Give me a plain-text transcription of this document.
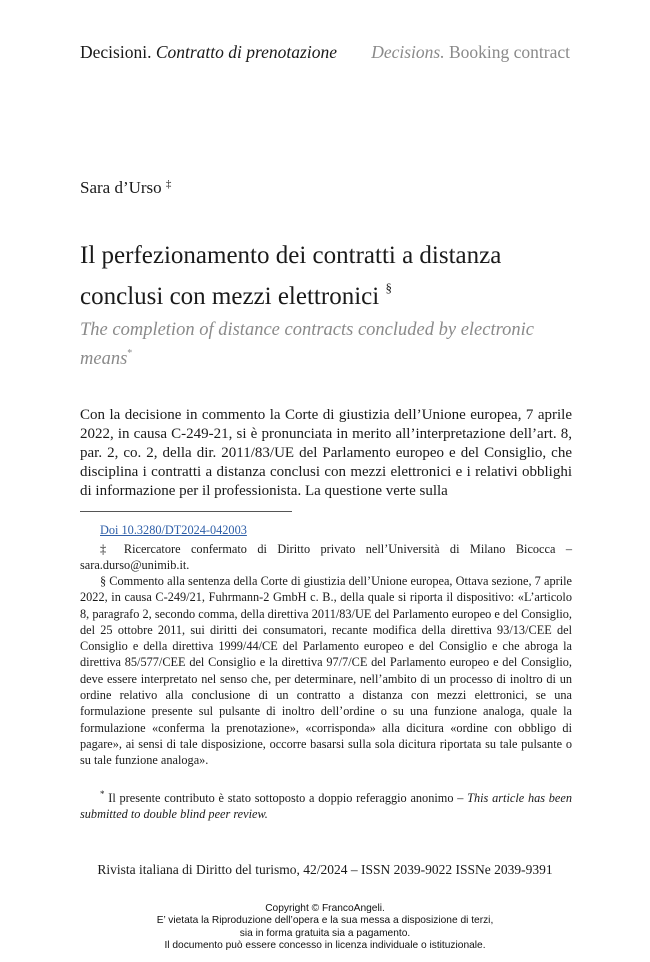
Decisioni. Contratto di prenotazione Decisions. Booking contract
Sara d’Urso ‡
Il perfezionamento dei contratti a distanza conclusi con mezzi elettronici §
The completion of distance contracts concluded by electronic means*
Con la decisione in commento la Corte di giustizia dell’Unione europea, 7 aprile 2022, in causa C-249-21, si è pronunciata in merito all’interpretazione dell’art. 8, par. 2, co. 2, della dir. 2011/83/UE del Parlamento europeo e del Consiglio, che disciplina i contratti a distanza conclusi con mezzi elettronici e i relativi obblighi di informazione per il professionista. La questione verte sulla
Doi 10.3280/DT2024-042003

‡ Ricercatore confermato di Diritto privato nell’Università di Milano Bicocca – sara.durso@unimib.it.

§ Commento alla sentenza della Corte di giustizia dell’Unione europea, Ottava sezione, 7 aprile 2022, in causa C-249/21, Fuhrmann-2 GmbH c. B., della quale si riporta il dispositivo: «L’articolo 8, paragrafo 2, secondo comma, della direttiva 2011/83/UE del Parlamento europeo e del Consiglio, del 25 ottobre 2011, sui diritti dei consumatori, recante modifica della direttiva 93/13/CEE del Consiglio e della direttiva 1999/44/CE del Parlamento europeo e del Consiglio e che abroga la direttiva 85/577/CEE del Consiglio e la direttiva 97/7/CE del Parlamento europeo e del Consiglio, deve essere interpretato nel senso che, per determinare, nell’ambito di un processo di inoltro di un ordine relativo alla conclusione di un contratto a distanza con mezzi elettronici, se una formulazione presente sul pulsante di inoltro dell’ordine o su una funzione analoga, quale la formulazione «conferma la prenotazione», «corrisponda» alla dicitura «ordine con obbligo di pagare», ai sensi di tale disposizione, occorre basarsi sulla sola dicitura riportata su tale pulsante o su tale funzione analoga».

* Il presente contributo è stato sottoposto a doppio referaggio anonimo – This article has been submitted to double blind peer review.

Rivista italiana di Diritto del turismo, 42/2024 – ISSN 2039-9022 ISSNe 2039-9391
Copyright © FrancoAngeli.
E’ vietata la Riproduzione dell’opera e la sua messa a disposizione di terzi,
sia in forma gratuita sia a pagamento.
Il documento può essere concesso in licenza individuale o istituzionale.
